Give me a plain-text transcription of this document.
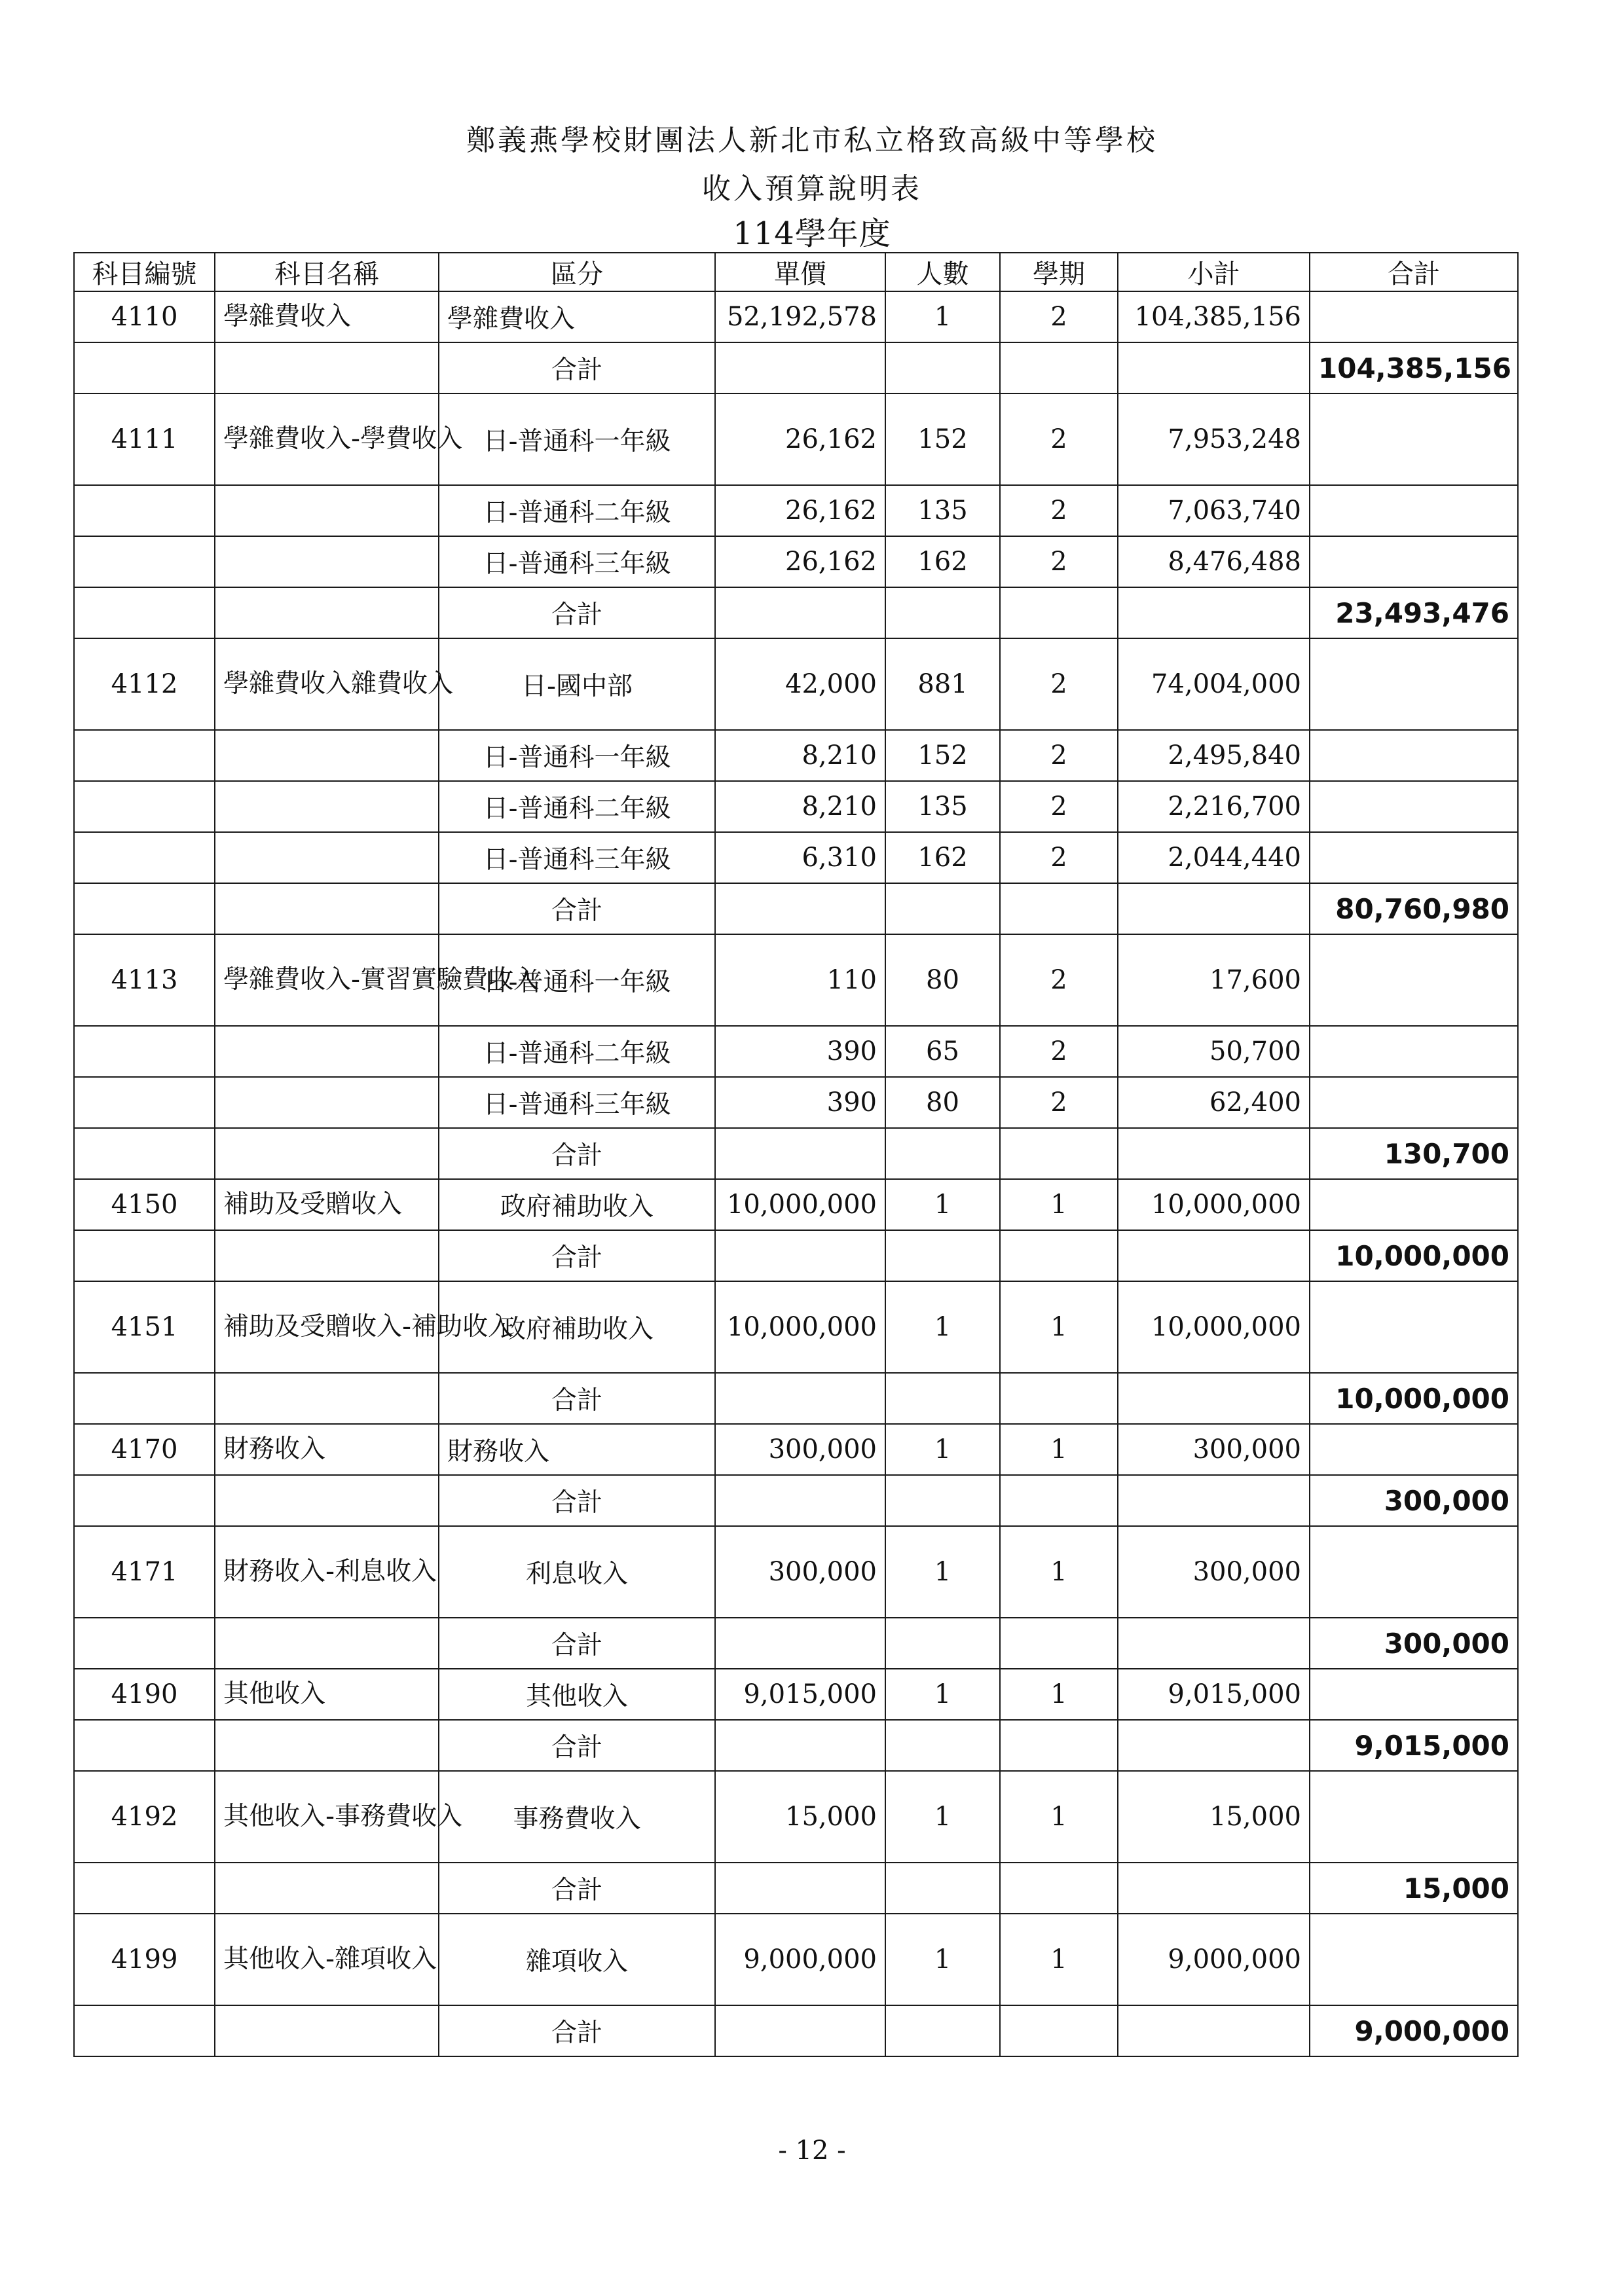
鄭義燕學校財團法人新北市私立格致高級中等學校
收入預算說明表
114學年度
科目編號	科目名稱	區分	單價	人數	學期	小計	合計
4110	學雜費收入	學雜費收入	52,192,578	1	2	104,385,156	
		合計					104,385,156
4111	學雜費收入-學費收入	日-普通科一年級	26,162	152	2	7,953,248	
		日-普通科二年級	26,162	135	2	7,063,740	
		日-普通科三年級	26,162	162	2	8,476,488	
		合計					23,493,476
4112	學雜費收入雜費收入	日-國中部	42,000	881	2	74,004,000	
		日-普通科一年級	8,210	152	2	2,495,840	
		日-普通科二年級	8,210	135	2	2,216,700	
		日-普通科三年級	6,310	162	2	2,044,440	
		合計					80,760,980
4113	學雜費收入-實習實驗費收入	日-普通科一年級	110	80	2	17,600	
		日-普通科二年級	390	65	2	50,700	
		日-普通科三年級	390	80	2	62,400	
		合計					130,700
4150	補助及受贈收入	政府補助收入	10,000,000	1	1	10,000,000	
		合計					10,000,000
4151	補助及受贈收入-補助收入	政府補助收入	10,000,000	1	1	10,000,000	
		合計					10,000,000
4170	財務收入	財務收入	300,000	1	1	300,000	
		合計					300,000
4171	財務收入-利息收入	利息收入	300,000	1	1	300,000	
		合計					300,000
4190	其他收入	其他收入	9,015,000	1	1	9,015,000	
		合計					9,015,000
4192	其他收入-事務費收入	事務費收入	15,000	1	1	15,000	
		合計					15,000
4199	其他收入-雜項收入	雜項收入	9,000,000	1	1	9,000,000	
		合計					9,000,000
- 12 -
